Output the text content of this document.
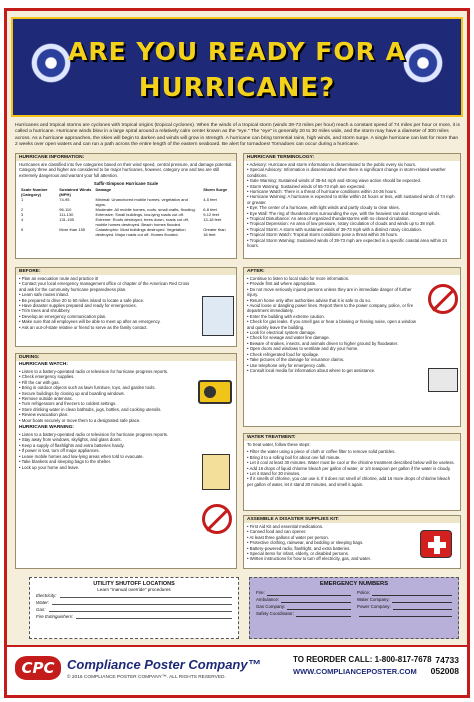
ARE YOU READY FOR A
HURRICANE?

Hurricanes and tropical storms are cyclones with tropical origins (tropical cyclones). When the winds of a tropical storm (winds 39-73 miles per hour) reach a constant speed of 74 miles per hour or more, it is called a hurricane. Hurricane winds blow in a large spiral around a relatively calm center known as the "eye." The "eye" is generally 20 to 30 miles wide, and the storm may have a diameter of 300 miles across. As a hurricane approaches, the skies will begin to darken and winds will grow in strength. A hurricane can bring torrential rains, high winds, and storm surge. A single hurricane can last for more than 2 weeks over open waters and can run a path across the entire length of the eastern seaboard. Be alert for tornadoes! Tornadoes can occur during a hurricane.

HURRICANE INFORMATION:

Hurricanes are classified into five categories based on their wind speed, central pressure, and damage potential. Category three and higher are considered to be major hurricanes, however, category one and two are still extremely dangerous and warrant your full attention.

Saffir-Simpson Hurricane Scale
Scale Number (Category)	Sustained Winds (MPH)	Damage	Storm Surge
1	74-95	Minimal: Unanchored mobile homes, vegetation and signs.	4-5 feet
2	96-110	Moderate: All mobile homes, roofs, small crafts, flooding.	6-8 feet
3	111-130	Extensive: Small buildings, low-lying roads cut off.	9-12 feet
4	131-155	Extreme: Roofs destroyed, trees down, roads cut off, mobile homes destroyed. Beach homes flooded.	13-18 feet
5	More than 155	Catastrophic: Most buildings destroyed. Vegetation destroyed. Major roads cut off. Homes flooded.	Greater than 18 feet
HURRICANE TERMINOLOGY:
• Advisory: Hurricane and storm information is disseminated to the public every six hours.
• Special Advisory: Information is disseminated when there is significant change in storm-related weather conditions.
• Gale Warning: Sustained winds of 35-54 mph and strong wave action should be expected.
• Storm Warning: Sustained winds of 55-73 mph are expected.
• Hurricane Watch: There is a threat of hurricane conditions within 24-36 hours.
• Hurricane Warning: A hurricane is expected to strike within 24 hours or less, with sustained winds of 74 mph or greater.
• Eye: The center of a hurricane, with light winds and partly cloudy to clear skies.
• Eye Wall: The ring of thunderstorms surrounding the eye, with the heaviest rain and strongest winds.
• Tropical Disturbance: An area of organized thunderstorms with no closed circulation.
• Tropical Depression: An area of low pressure, rotary circulation of clouds and winds up to 38 mph.
• Tropical Storm: A storm with sustained winds of 39-73 mph with a distinct rotary circulation.
• Tropical Storm Watch: Tropical storm conditions pose a threat within 36 hours.
• Tropical Storm Warning: Sustained winds of 39-73 mph are expected in a specific coastal area within 24 hours.
BEFORE:
• Plan an evacuation route and practice it!
• Contact your local emergency management office or chapter of the American Red Cross and ask for the community hurricane preparedness plan.
• Learn safe routes inland.
• Be prepared to drive 20 to 50 miles inland to locate a safe place.
• Have disaster supplies prepared and ready for emergencies.
• Trim trees and shrubbery.
• Develop an emergency communication plan.
• Make sure that all employees will be able to meet up after an emergency.
• Ask an out-of-state relative or friend to serve as the family contact.
AFTER:
• Continue to listen to local radio for more information.
• Provide first aid where appropriate.
• Do not move seriously injured persons unless they are in immediate danger of further injury.
• Return home only after authorities advise that it is safe to do so.
• Avoid loose or dangling power lines. Report them to the power company, police, or fire department immediately.
• Enter the building with extreme caution.
• Check for gas leaks. If you smell gas or hear a blowing or hissing noise, open a window and quickly leave the building.
• Look for electrical system damage.
• Check for sewage and water line damage.
• Beware of snakes, insects, and animals driven to higher ground by floodwater.
• Open doors and windows to ventilate and dry your home.
• Check refrigerated food for spoilage.
• Take pictures of the damage for insurance claims.
• Use telephone only for emergency calls.
• Consult local media for information about where to get assistance.
DURING:
HURRICANE WATCH:
• Listen to a battery-operated radio or television for hurricane progress reports.
• Check emergency supplies.
• Fill the car with gas.
• Bring in outdoor objects such as lawn furniture, toys, and garden tools.
• Secure buildings by closing up and boarding windows.
• Remove outside antennas.
• Turn refrigerators and freezers to coldest settings.
• Store drinking water in clean bathtubs, jugs, bottles, and cooking utensils.
• Review evacuation plan.
• Moor boats securely or move them to a designated safe place.
HURRICANE WARNING:
• Listen to a battery-operated radio or television for hurricane progress reports.
• Stay away from windows, skylights, and glass doors.
• Keep a supply of flashlights and extra batteries handy.
• If power is lost, turn off major appliances.
• Leave mobile homes and low-lying areas when told to evacuate.
• Take blankets and sleeping bags to the shelter.
• Lock up your home and leave.
WATER TREATMENT:

To treat water, follow these steps:

• Filter the water using a piece of cloth or coffee filter to remove solid particles.
• Bring it to a rolling boil for about one full minute.
• Let it cool at least 30 minutes. Water must be cool or the chlorine treatment described below will be useless.
• Add 16 drops of liquid chlorine bleach per gallon of water, or 1/4 teaspoon per gallon if the water is cloudy.
• Let it stand for 30 minutes.
• If it smells of chlorine, you can use it. If it does not smell of chlorine, add 16 more drops of chlorine bleach per gallon of water, let it stand 30 minutes, and smell it again.
ASSEMBLE A DISASTER SUPPLIES KIT:
• First Aid Kit and essential medications.
• Canned food and can opener.
• At least three gallons of water per person.
• Protective clothing, rainwear, and bedding or sleeping bags.
• Battery-powered radio, flashlight, and extra batteries.
• Special items for infant, elderly, or disabled persons.
• Written instructions for how to turn off electricity, gas, and water.
UTILITY SHUTOFF LOCATIONS
Learn "manual override" procedures
Electricity:
Water:
Gas:
Fire Extinguishers:
EMERGENCY NUMBERS
Fire:	Police:
Ambulance:	Water Company:
Gas Company:	Power Company:
Safety Coordinator:
CPC Compliance Poster Company™
© 2016 COMPLIANCE POSTER COMPANY™. ALL RIGHTS RESERVED.
TO REORDER CALL: 1-800-817-7678
WWW.COMPLIANCEPOSTER.COM
74733
052008
